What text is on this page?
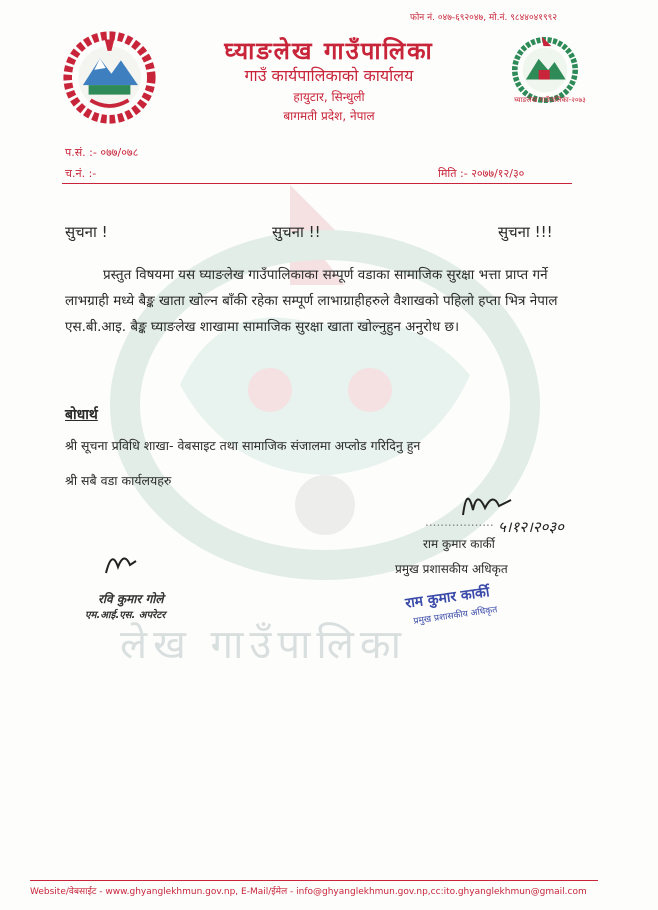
लेख गाउँपालिका
घ्याङलेख गाउँपालिका-२०७३
फोन नं. ०४७-६९२०४७, मो.नं. ९८४४०४१९९२
घ्याङलेख गाउँपालिका
गाउँ कार्यपालिकाको कार्यालय
हायुटार, सिन्धुली
बागमती प्रदेश, नेपाल
प.सं. :- ०७७/०७८
च.नं. :-	मिति :- २०७७/१२/३०
सुचना !	सुचना !!	सुचना !!!
प्रस्तुत विषयमा यस घ्याङलेख गाउँपालिकाका सम्पूर्ण वडाका सामाजिक सुरक्षा भत्ता प्राप्त गर्ने लाभग्राही मध्ये बैङ्क खाता खोल्न बाँकी रहेका सम्पूर्ण लाभाग्राहीहरुले वैशाखको पहिलो हप्ता भित्र नेपाल एस.बी.आइ. बैङ्क घ्याङलेख शाखामा सामाजिक सुरक्षा खाता खोल्नुहुन अनुरोध छ।
बोधार्थ
श्री सूचना प्रविधि शाखा- वेबसाइट तथा सामाजिक संजालमा अप्लोड गरिदिनु हुन
श्री सबै वडा कार्यलयहरु
५।१२।२०३०
..................
राम कुमार कार्की
प्रमुख प्रशासकीय अधिकृत
राम कुमार कार्की
प्रमुख प्रशासकीय अधिकृत
रवि कुमार गोले
एम.आई.एस. अपरेटर
Website/वेबसाईट - www.ghyanglekhmun.gov.np, E-Mail/ईमेल - info@ghyanglekhmun.gov.np,cc:ito.ghyanglekhmun@gmail.com
